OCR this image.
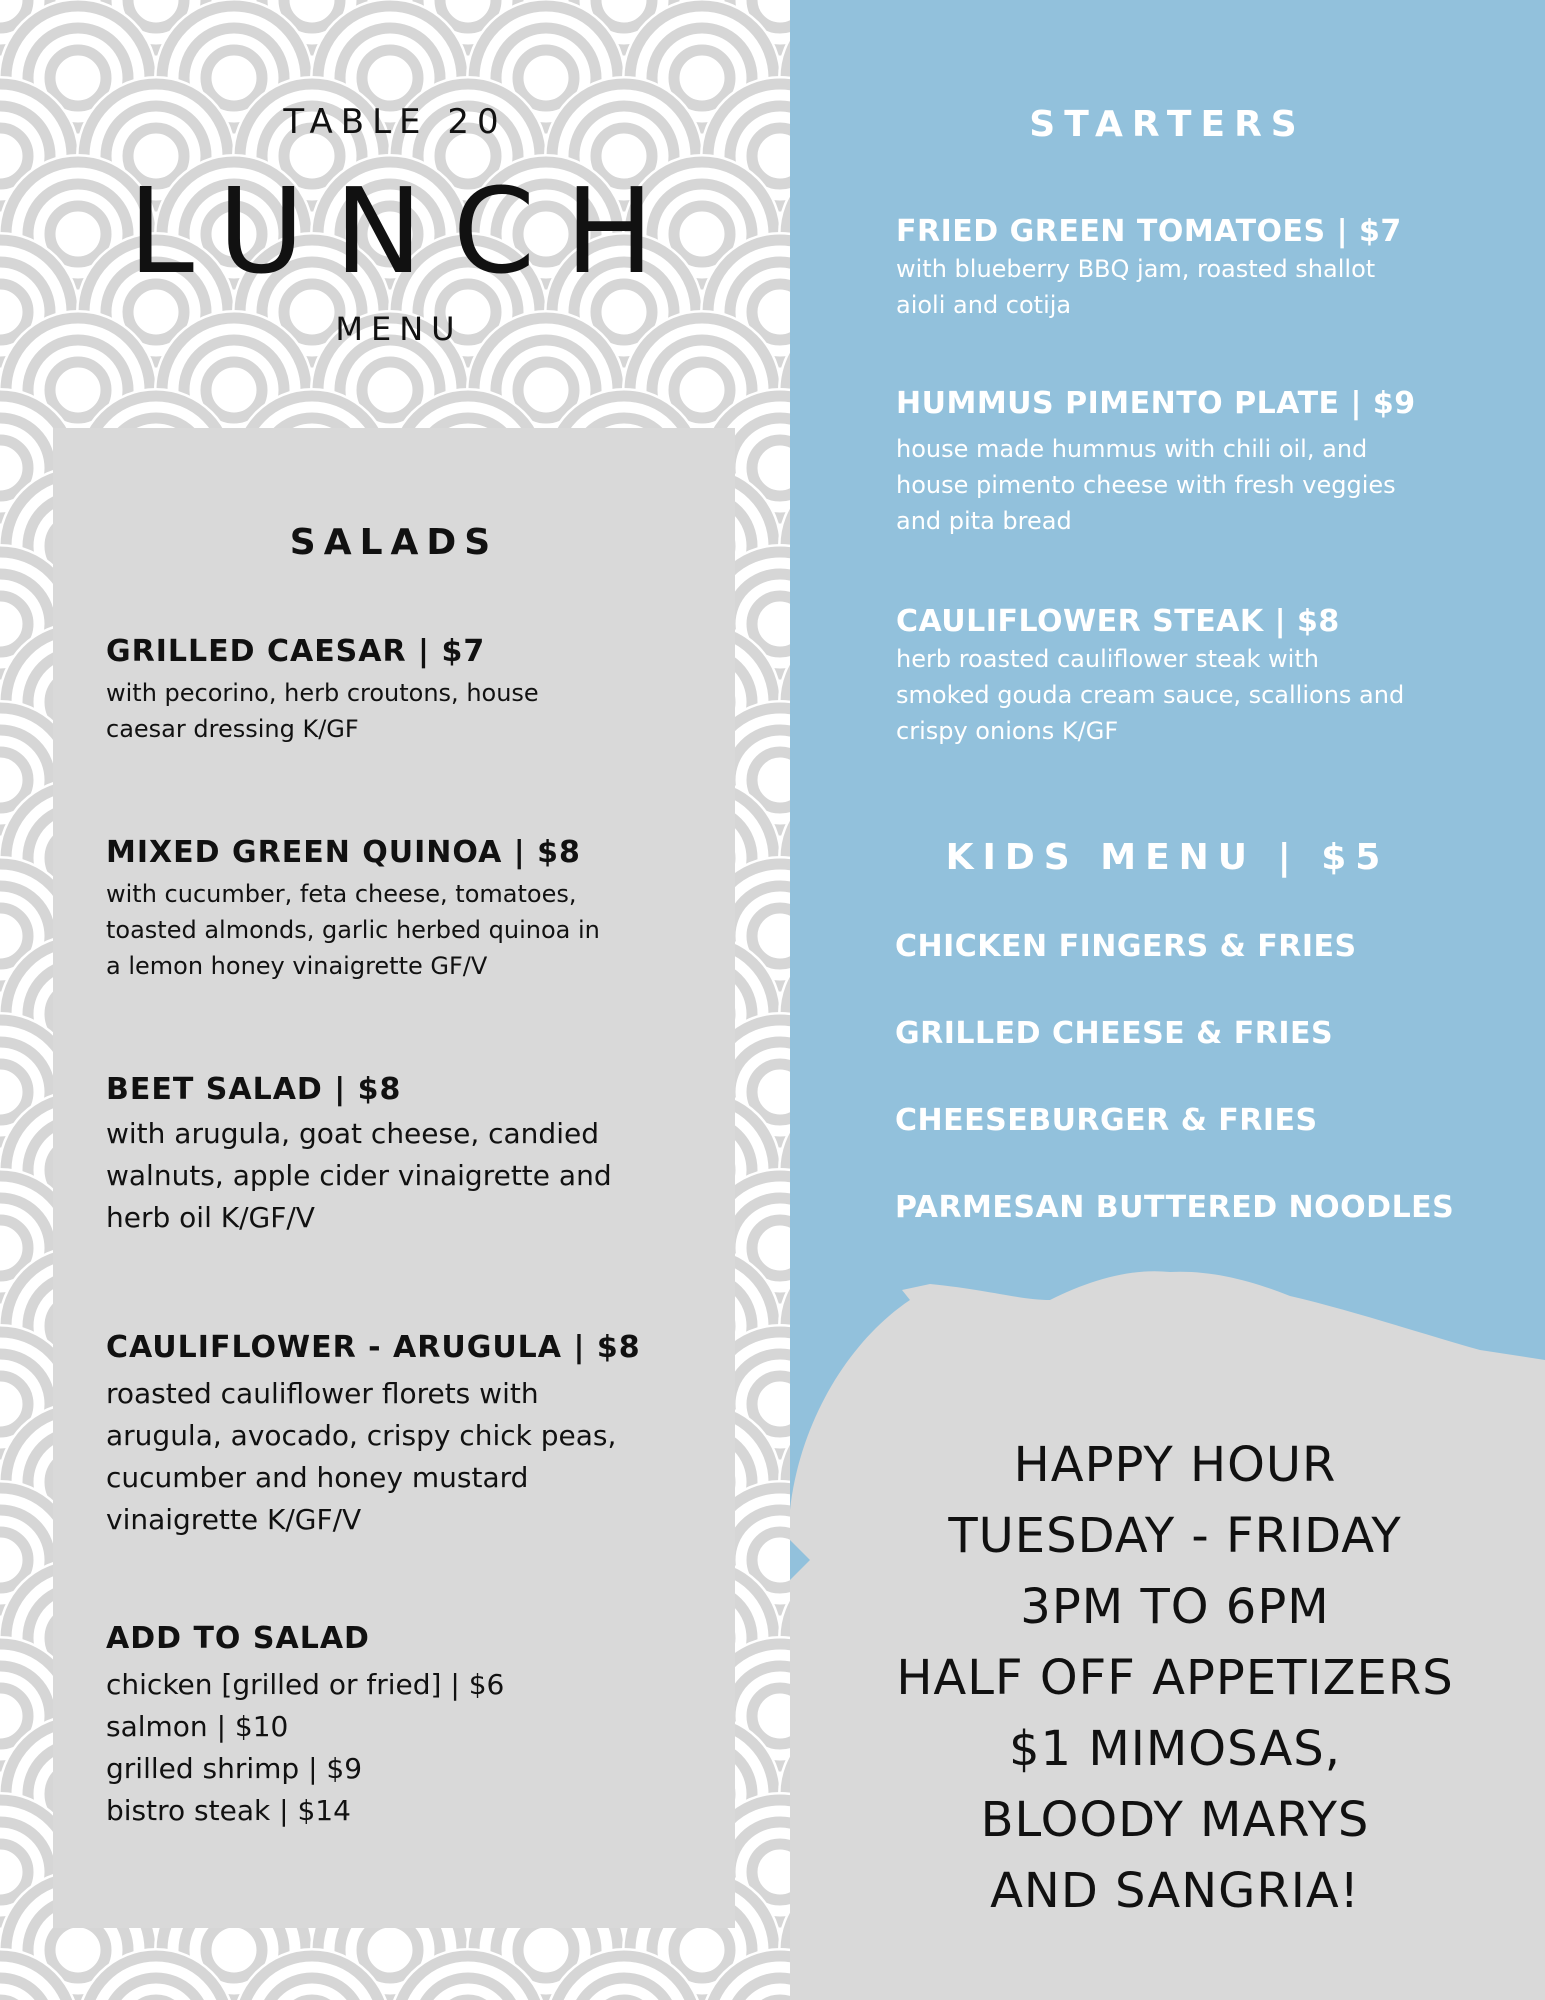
TABLE 20
LUNCH
MENU
SALADS
GRILLED CAESAR | $7
with pecorino, herb croutons, house
caesar dressing K/GF
MIXED GREEN QUINOA | $8
with cucumber, feta cheese, tomatoes,
toasted almonds, garlic herbed quinoa in
a lemon honey vinaigrette GF/V
BEET SALAD | $8
with arugula, goat cheese, candied
walnuts, apple cider vinaigrette and
herb oil K/GF/V
CAULIFLOWER - ARUGULA | $8
roasted cauliflower florets with
arugula, avocado, crispy chick peas,
cucumber and honey mustard
vinaigrette K/GF/V
ADD TO SALAD
chicken [grilled or fried] | $6
salmon | $10
grilled shrimp | $9
bistro steak | $14
STARTERS
FRIED GREEN TOMATOES | $7
with blueberry BBQ jam, roasted shallot
aioli and cotija
HUMMUS PIMENTO PLATE | $9
house made hummus with chili oil, and
house pimento cheese with fresh veggies
and pita bread
CAULIFLOWER STEAK | $8
herb roasted cauliflower steak with
smoked gouda cream sauce, scallions and
crispy onions K/GF
KIDS MENU | $5
CHICKEN FINGERS & FRIES
GRILLED CHEESE & FRIES
CHEESEBURGER & FRIES
PARMESAN BUTTERED NOODLES
HAPPY HOUR
TUESDAY - FRIDAY
3PM TO 6PM
HALF OFF APPETIZERS
$1 MIMOSAS,
BLOODY MARYS
AND SANGRIA!
